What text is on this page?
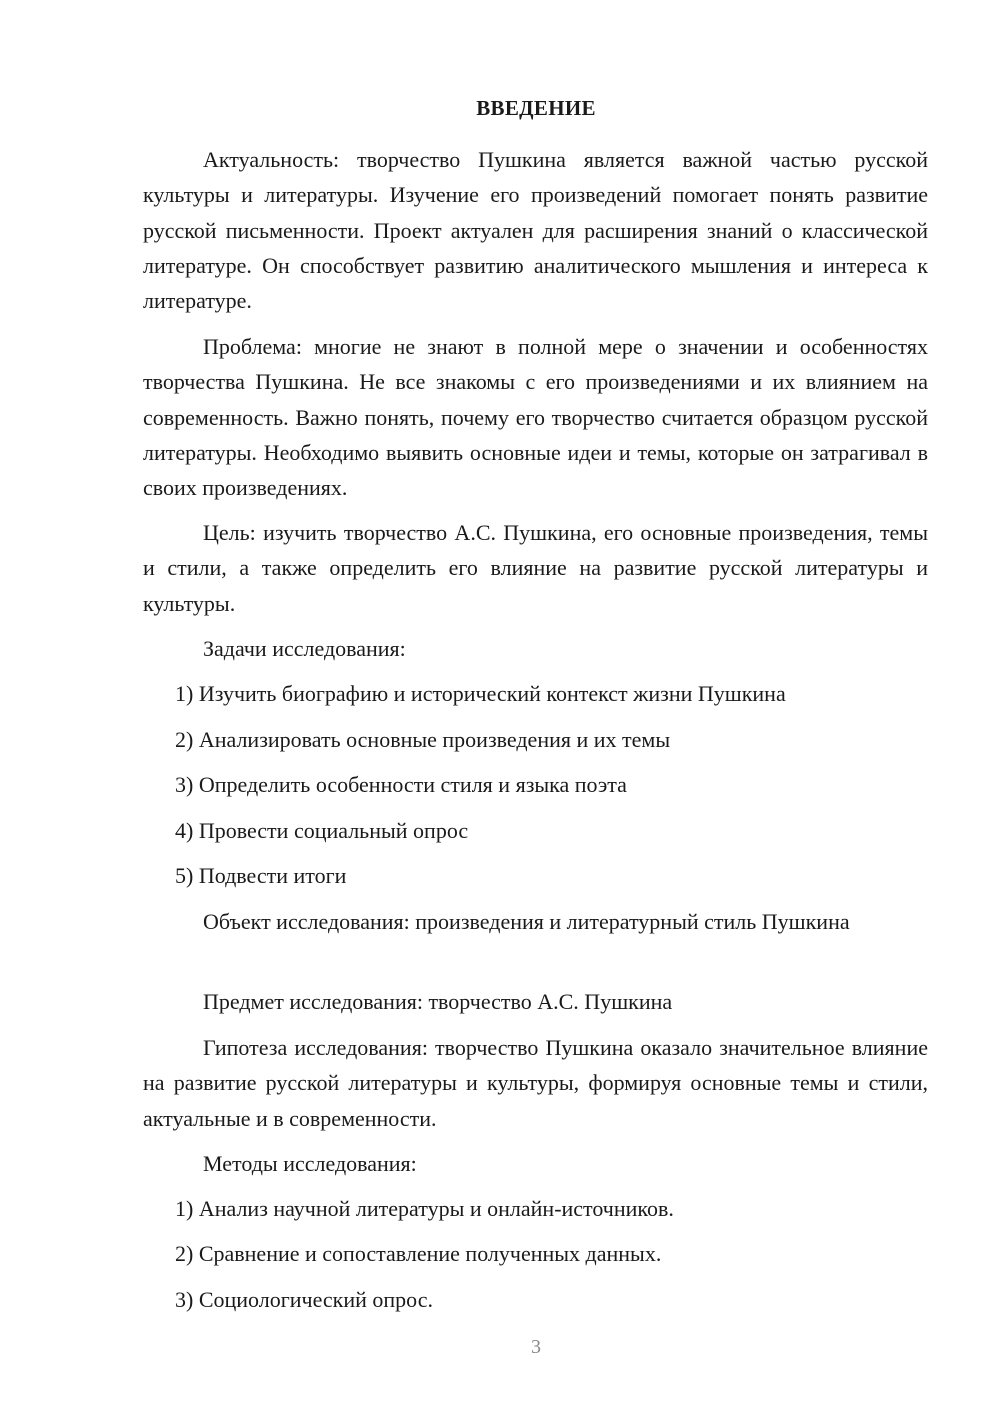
ВВЕДЕНИЕ

Актуальность: творчество Пушкина является важной частью русской культуры и литературы. Изучение его произведений помогает понять развитие русской письменности. Проект актуален для расширения знаний о классической литературе. Он способствует развитию аналитического мышления и интереса к литературе.

Проблема: многие не знают в полной мере о значении и особенностях творчества Пушкина. Не все знакомы с его произведениями и их влиянием на современность. Важно понять, почему его творчество считается образцом русской литературы. Необходимо выявить основные идеи и темы, которые он затрагивал в своих произведениях.

Цель: изучить творчество А.С. Пушкина, его основные произведения, темы и стили, а также определить его влияние на развитие русской литературы и культуры.

Задачи исследования:

1) Изучить биографию и исторический контекст жизни Пушкина

2) Анализировать основные произведения и их темы

3) Определить особенности стиля и языка поэта

4) Провести социальный опрос

5) Подвести итоги

Объект исследования: произведения и литературный стиль Пушкина

Предмет исследования: творчество А.С. Пушкина

Гипотеза исследования: творчество Пушкина оказало значительное влияние на развитие русской литературы и культуры, формируя основные темы и стили, актуальные и в современности.

Методы исследования:

1) Анализ научной литературы и онлайн-источников.

2) Сравнение и сопоставление полученных данных.

3) Социологический опрос.

3
